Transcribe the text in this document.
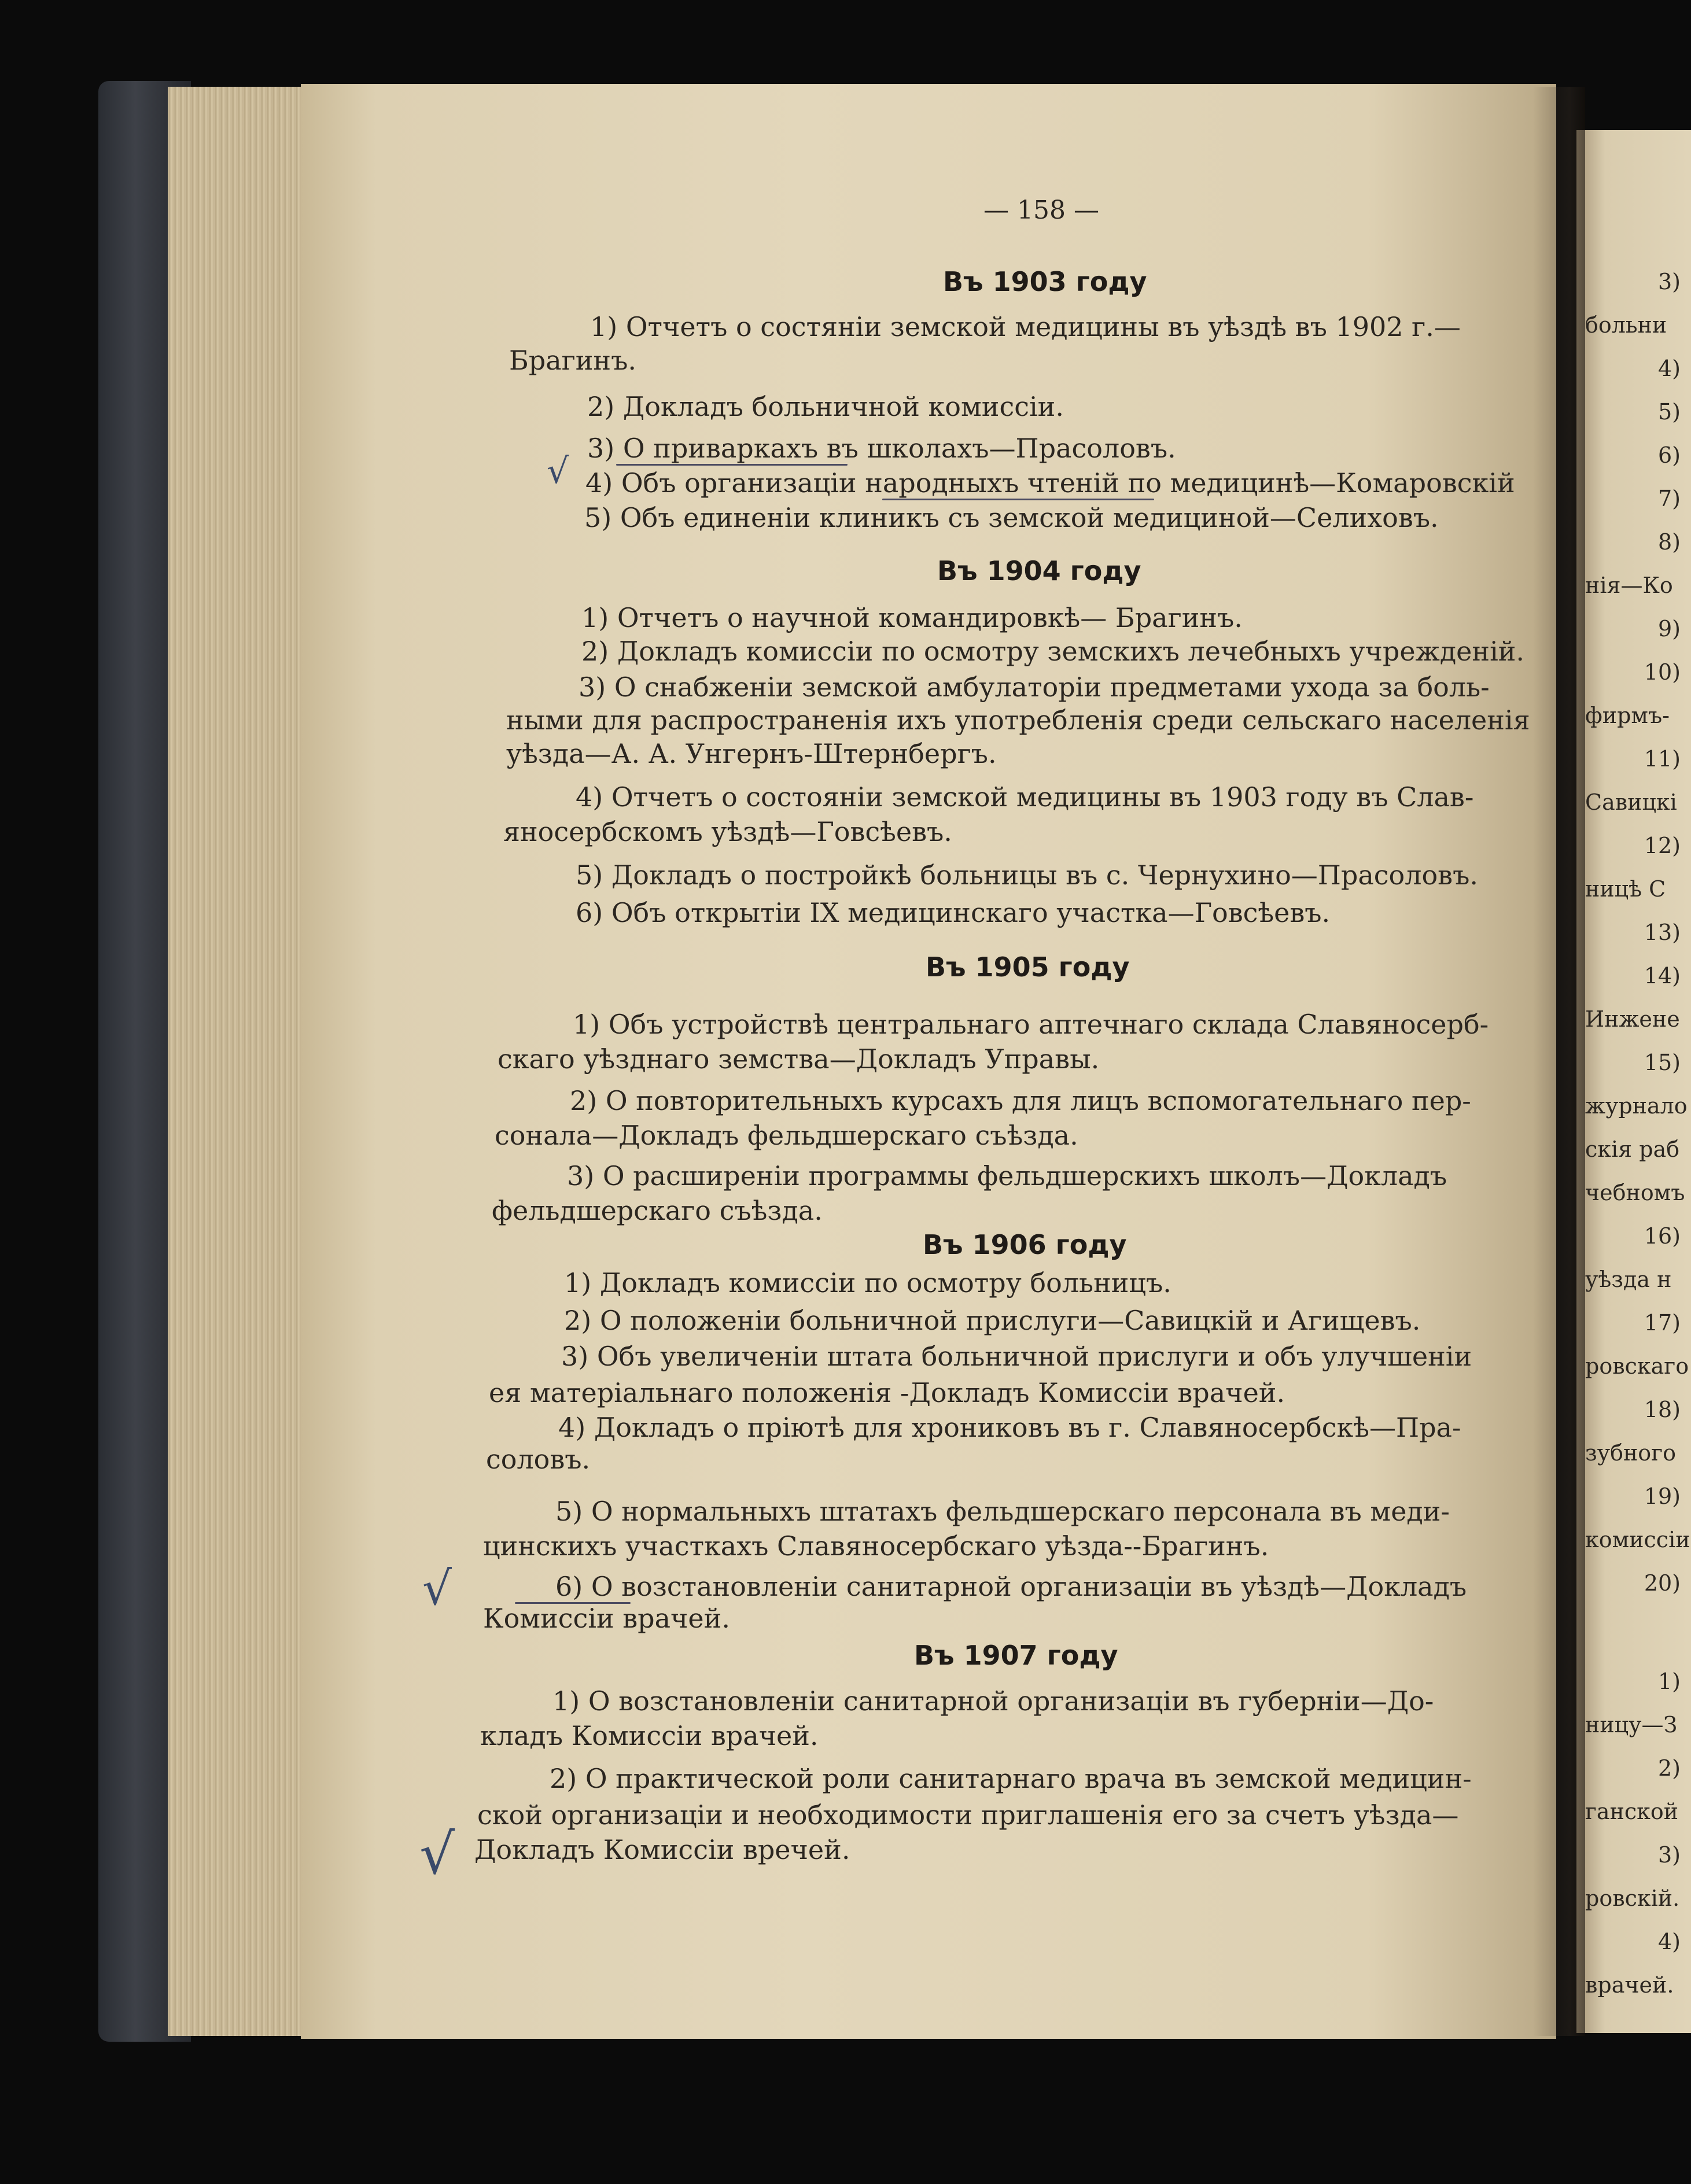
3)
больни
4)
5)
6)
7)
8)
нія—Ко
9)
10)
фирмъ-
11)
Савицкі
12)
ницѣ С
13)
14)
Инжене
15)
журнало
скія раб
чебномъ
16)
уѣзда н
17)
ровскаго
18)
зубного
19)
комиссіи
20)
1)
ницу—З
2)
ганской
3)
ровскій.
4)
врачей.
— 158 —
Въ 1903 году
1) Отчетъ о состяніи земской медицины въ уѣздѣ въ 1902 г.—
Брагинъ.
2) Докладъ больничной комиссіи.
3) О приваркахъ въ школахъ—Прасоловъ.
4) Объ организаціи народныхъ чтеній по медицинѣ—Комаровскій
5) Объ единеніи клиникъ съ земской медициной—Селиховъ.
Въ 1904 году
1) Отчетъ о научной командировкѣ— Брагинъ.
2) Докладъ комиссіи по осмотру земскихъ лечебныхъ учрежденій.
3) О снабженіи земской амбулаторіи предметами ухода за боль-
ными для распространенія ихъ употребленія среди сельскаго населенія
уѣзда—А. А. Унгернъ-Штернбергъ.
4) Отчетъ о состояніи земской медицины въ 1903 году въ Слав-
яносербскомъ уѣздѣ—Говсѣевъ.
5) Докладъ о постройкѣ больницы въ с. Чернухино—Прасоловъ.
6) Объ открытіи IX медицинскаго участка—Говсѣевъ.
Въ 1905 году
1) Объ устройствѣ центральнаго аптечнаго склада Славяносерб-
скаго уѣзднаго земства—Докладъ Управы.
2) О повторительныхъ курсахъ для лицъ вспомогательнаго пер-
сонала—Докладъ фельдшерскаго съѣзда.
3) О расширеніи программы фельдшерскихъ школъ—Докладъ
фельдшерскаго съѣзда.
Въ 1906 году
1) Докладъ комиссіи по осмотру больницъ.
2) О положеніи больничной прислуги—Савицкій и Агищевъ.
3) Объ увеличеніи штата больничной прислуги и объ улучшеніи
ея матеріальнаго положенія -Докладъ Комиссіи врачей.
4) Докладъ о пріютѣ для хрониковъ въ г. Славяносербскѣ—Пра-
соловъ.
5) О нормальныхъ штатахъ фельдшерскаго персонала въ меди-
цинскихъ участкахъ Славяносербскаго уѣзда--Брагинъ.
6) О возстановленіи санитарной организаціи въ уѣздѣ—Докладъ
Комиссіи врачей.
Въ 1907 году
1) О возстановленіи санитарной организаціи въ губерніи—До-
кладъ Комиссіи врачей.
2) О практической роли санитарнаго врача въ земской медицин-
ской организаціи и необходимости приглашенія его за счетъ уѣзда—
Докладъ Комиссіи вречей.
√
√
√
